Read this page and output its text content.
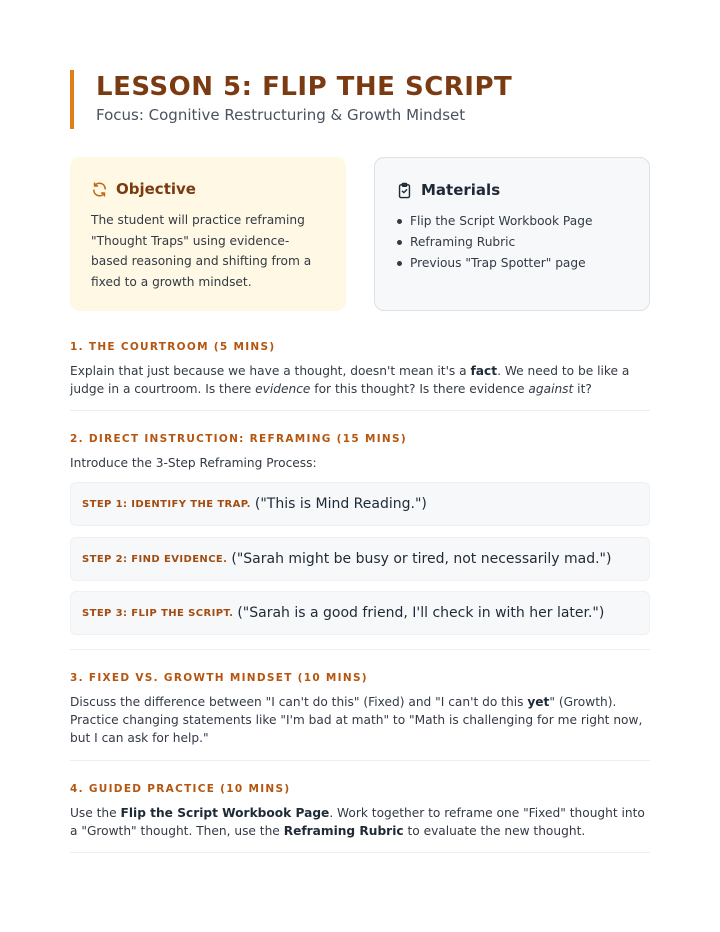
LESSON 5: FLIP THE SCRIPT
Focus: Cognitive Restructuring & Growth Mindset
Objective

The student will practice reframing "Thought Traps" using evidence-based reasoning and shifting from a fixed to a growth mindset.

Materials
Flip the Script Workbook Page
Reframing Rubric
Previous "Trap Spotter" page
1. THE COURTROOM (5 MINS)

Explain that just because we have a thought, doesn't mean it's a fact. We need to be like a judge in a courtroom. Is there evidence for this thought? Is there evidence against it?

2. DIRECT INSTRUCTION: REFRAMING (15 MINS)

Introduce the 3-Step Reframing Process:

STEP 1: IDENTIFY THE TRAP. ("This is Mind Reading.")
STEP 2: FIND EVIDENCE. ("Sarah might be busy or tired, not necessarily mad.")
STEP 3: FLIP THE SCRIPT. ("Sarah is a good friend, I'll check in with her later.")
3. FIXED VS. GROWTH MINDSET (10 MINS)

Discuss the difference between "I can't do this" (Fixed) and "I can't do this yet" (Growth). Practice changing statements like "I'm bad at math" to "Math is challenging for me right now, but I can ask for help."

4. GUIDED PRACTICE (10 MINS)

Use the Flip the Script Workbook Page. Work together to reframe one "Fixed" thought into a "Growth" thought. Then, use the Reframing Rubric to evaluate the new thought.
